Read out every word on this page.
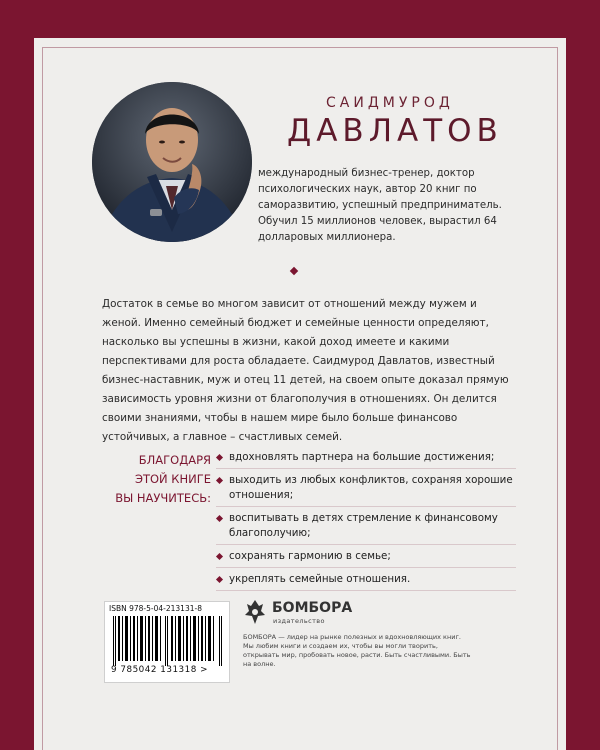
САИДМУРОД
ДАВЛАТОВ
международный бизнес-тренер, доктор психологических наук, автор 20 книг по саморазвитию, успешный предприниматель. Обучил 15 миллионов человек, вырастил 64 долларовых миллионера.
Достаток в семье во многом зависит от отношений между мужем и женой. Именно семейный бюджет и семейные ценности определяют, насколько вы успешны в жизни, какой доход имеете и какими перспективами для роста обладаете. Саидмурод Давлатов, известный бизнес-наставник, муж и отец 11 детей, на своем опыте доказал прямую зависимость уровня жизни от благополучия в отношениях. Он делится своими знаниями, чтобы в нашем мире было больше финансово устойчивых, а главное – счастливых семей.
БЛАГОДАРЯ
ЭТОЙ КНИГЕ
ВЫ НАУЧИТЕСЬ:
вдохновлять партнера на большие достижения;
выходить из любых конфликтов, сохраняя хорошие отношения;
воспитывать в детях стремление к финансовому благополучию;
сохранять гармонию в семье;
укреплять семейные отношения.
ISBN 978-5-04-213131-8
9 785042 131318 >
БОМБОРА
издательство
БОМБОРА — лидер на рынке полезных и вдохновляющих книг. Мы любим книги и создаем их, чтобы вы могли творить, открывать мир, пробовать новое, расти. Быть счастливыми. Быть на волне.
